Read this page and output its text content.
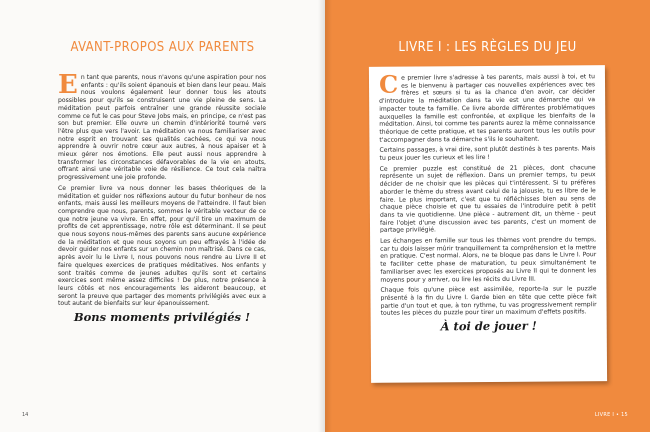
AVANT-PROPOS AUX PARENTS

En tant que parents, nous n'avons qu'une aspiration pour nos enfants : qu'ils soient épanouis et bien dans leur peau. Mais nous voulons également leur donner tous les atouts possibles pour qu'ils se construisent une vie pleine de sens. La méditation peut parfois entraîner une grande réussite sociale comme ce fut le cas pour Steve Jobs mais, en principe, ce n'est pas son but premier. Elle ouvre un chemin d'intériorité tourné vers l'être plus que vers l'avoir. La méditation va nous familiariser avec notre esprit en trouvant ses qualités cachées, ce qui va nous apprendre à ouvrir notre cœur aux autres, à nous apaiser et à mieux gérer nos émotions. Elle peut aussi nous apprendre à transformer les circonstances défavorables de la vie en atouts, offrant ainsi une véritable voie de résilience. Ce tout cela naîtra progressivement une joie profonde.

Ce premier livre va nous donner les bases théoriques de la méditation et guider nos réflexions autour du futur bonheur de nos enfants, mais aussi les meilleurs moyens de l'atteindre. Il faut bien comprendre que nous, parents, sommes le véritable vecteur de ce que notre jeune va vivre. En effet, pour qu'il tire un maximum de profits de cet apprentissage, notre rôle est déterminant. Il se peut que nous soyons nous-mêmes des parents sans aucune expérience de la méditation et que nous soyons un peu effrayés à l'idée de devoir guider nos enfants sur un chemin non maîtrisé. Dans ce cas, après avoir lu le Livre I, nous pouvons nous rendre au Livre II et faire quelques exercices de pratiques méditatives. Nos enfants y sont traités comme de jeunes adultes qu'ils sont et certains exercices sont même assez difficiles ! De plus, notre présence à leurs côtés et nos encouragements les aideront beaucoup, et seront la preuve que partager des moments privilégiés avec eux a tout autant de bienfaits sur leur épanouissement.

Bons moments privilégiés !
14
LIVRE I : LES RÈGLES DU JEU

Ce premier livre s'adresse à tes parents, mais aussi à toi, et tu es le bienvenu à partager ces nouvelles expériences avec tes frères et sœurs si tu as la chance d'en avoir, car décider d'introduire la méditation dans ta vie est une démarche qui va impacter toute ta famille. Ce livre aborde différentes problématiques auxquelles la famille est confrontée, et explique les bienfaits de la méditation. Ainsi, toi comme tes parents aurez la même connaissance théorique de cette pratique, et tes parents auront tous les outils pour t'accompagner dans ta démarche s'ils le souhaitent.

Certains passages, à vrai dire, sont plutôt destinés à tes parents. Mais tu peux jouer les curieux et les lire !

Ce premier puzzle est constitué de 21 pièces, dont chacune représente un sujet de réflexion. Dans un premier temps, tu peux décider de ne choisir que les pièces qui t'intéressent. Si tu préfères aborder le thème du stress avant celui de la jalousie, tu es libre de le faire. Le plus important, c'est que tu réfléchisses bien au sens de chaque pièce choisie et que tu essaies de l'introduire petit à petit dans ta vie quotidienne. Une pièce - autrement dit, un thème - peut faire l'objet d'une discussion avec tes parents, c'est un moment de partage privilégié.

Les échanges en famille sur tous les thèmes vont prendre du temps, car tu dois laisser mûrir tranquillement ta compréhension et la mettre en pratique. C'est normal. Alors, ne te bloque pas dans le Livre I. Pour te faciliter cette phase de maturation, tu peux simultanément te familiariser avec les exercices proposés au Livre II qui te donnent les moyens pour y arriver, ou lire les récits du Livre III.

Chaque fois qu'une pièce est assimilée, reporte-la sur le puzzle présenté à la fin du Livre I. Garde bien en tête que cette pièce fait partie d'un tout et que, à ton rythme, tu vas progressivement remplir toutes les pièces du puzzle pour tirer un maximum d'effets positifs.

À toi de jouer !
LIVRE I • 15
